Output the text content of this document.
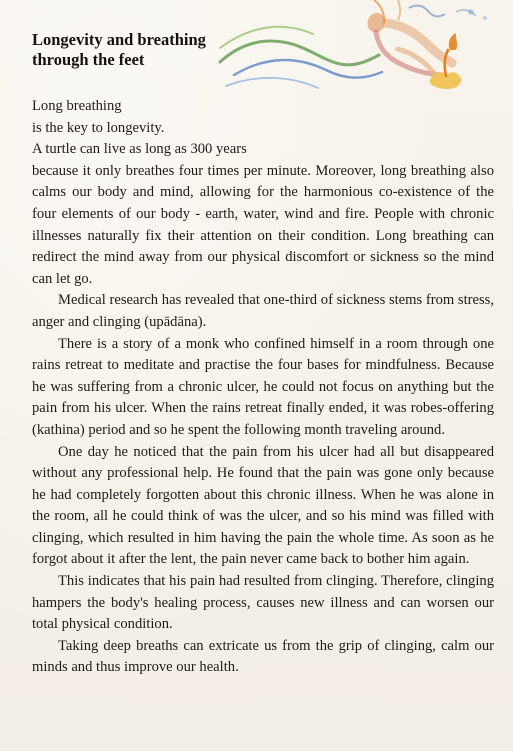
Longevity and breathing
through the feet
Long breathing
is the key to longevity.
A turtle can live as long as 300 years

because it only breathes four times per minute. Moreover, long breathing also calms our body and mind, allowing for the harmonious co-existence of the four elements of our body - earth, water, wind and fire. People with chronic illnesses naturally fix their attention on their condition. Long breathing can redirect the mind away from our physical discomfort or sickness so the mind can let go.

Medical research has revealed that one-third of sickness stems from stress, anger and clinging (upādāna).

There is a story of a monk who confined himself in a room through one rains retreat to meditate and practise the four bases for mindfulness. Because he was suffering from a chronic ulcer, he could not focus on anything but the pain from his ulcer. When the rains retreat finally ended, it was robes-offering (kathina) period and so he spent the following month traveling around.

One day he noticed that the pain from his ulcer had all but disappeared without any professional help. He found that the pain was gone only because he had completely forgotten about this chronic illness. When he was alone in the room, all he could think of was the ulcer, and so his mind was filled with clinging, which resulted in him having the pain the whole time. As soon as he forgot about it after the lent, the pain never came back to bother him again.

This indicates that his pain had resulted from clinging. Therefore, clinging hampers the body's healing process, causes new illness and can worsen our total physical condition.

Taking deep breaths can extricate us from the grip of clinging, calm our minds and thus improve our health.
